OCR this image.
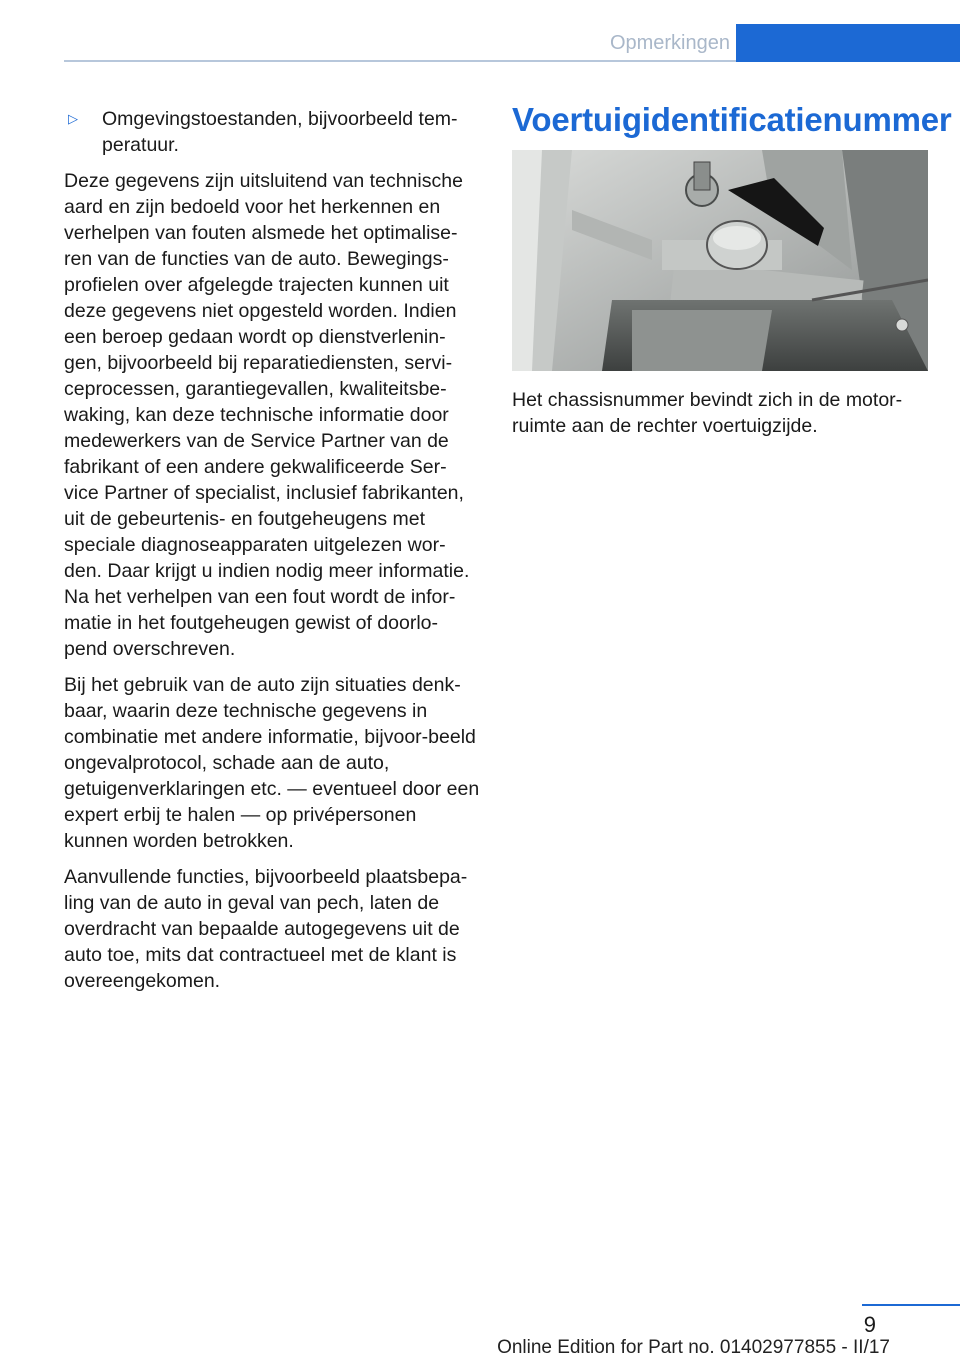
Opmerkingen
▷	Omgevingstoestanden, bijvoorbeeld tem‐peratuur.

Deze gegevens zijn uitsluitend van technische aard en zijn bedoeld voor het herkennen en verhelpen van fouten alsmede het optimalise‐ren van de functies van de auto. Bewegings‐profielen over afgelegde trajecten kunnen uit deze gegevens niet opgesteld worden. Indien een beroep gedaan wordt op dienstverlenin‐gen, bijvoorbeeld bij reparatiediensten, servi‐ceprocessen, garantiegevallen, kwaliteitsbe‐waking, kan deze technische informatie door medewerkers van de Service Partner van de fabrikant of een andere gekwalificeerde Ser‐vice Partner of specialist, inclusief fabrikanten, uit de gebeurtenis- en foutgeheugens met speciale diagnoseapparaten uitgelezen wor‐den. Daar krijgt u indien nodig meer informatie. Na het verhelpen van een fout wordt de infor‐matie in het foutgeheugen gewist of doorlo‐pend overschreven.

Bij het gebruik van de auto zijn situaties denk‐baar, waarin deze technische gegevens in combinatie met andere informatie, bijvoor‐beeld ongevalprotocol, schade aan de auto, getuigenverklaringen etc. — eventueel door een expert erbij te halen — op privépersonen kunnen worden betrokken.

Aanvullende functies, bijvoorbeeld plaatsbepa‐ling van de auto in geval van pech, laten de overdracht van bepaalde autogegevens uit de auto toe, mits dat contractueel met de klant is overeengekomen.

Voertuigidentificatienummer

Het chassisnummer bevindt zich in de motor‐ruimte aan de rechter voertuigzijde.

9
Online Edition for Part no. 01402977855 - II/17
